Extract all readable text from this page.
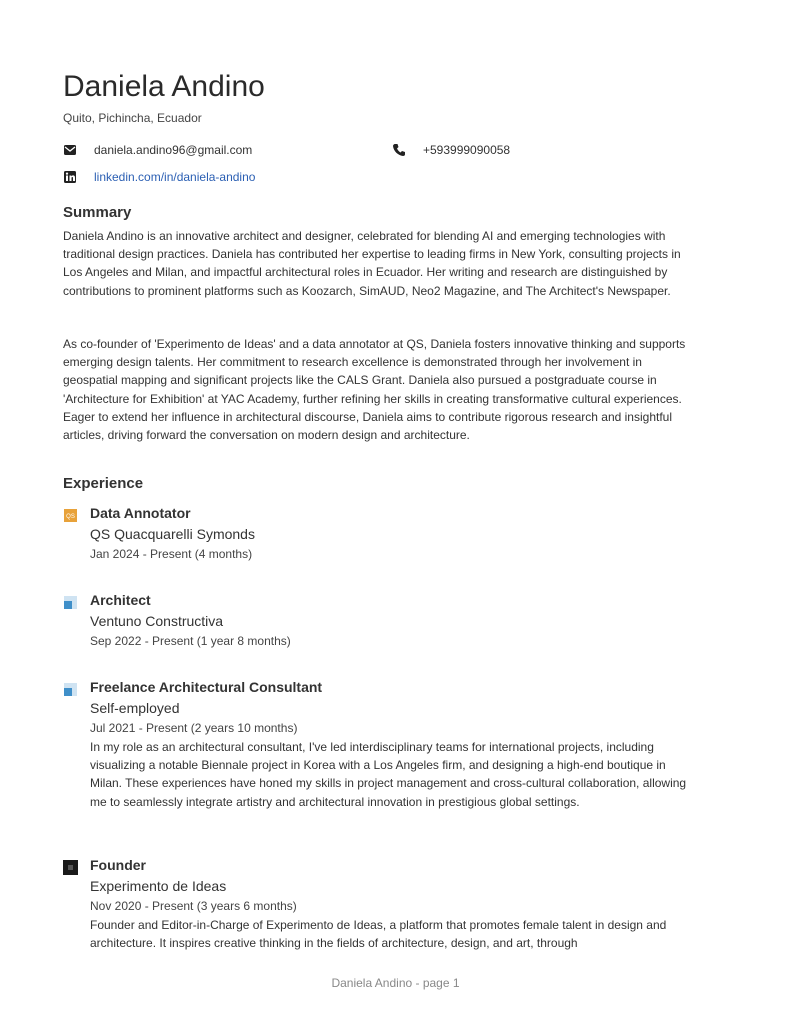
Daniela Andino
Quito, Pichincha, Ecuador
daniela.andino96@gmail.com	+593999090058
linkedin.com/in/daniela-andino
Summary
Daniela Andino is an innovative architect and designer, celebrated for blending AI and emerging technologies with traditional design practices. Daniela has contributed her expertise to leading firms in New York, consulting projects in Los Angeles and Milan, and impactful architectural roles in Ecuador. Her writing and research are distinguished by contributions to prominent platforms such as Koozarch, SimAUD, Neo2 Magazine, and The Architect's Newspaper.
As co-founder of 'Experimento de Ideas' and a data annotator at QS, Daniela fosters innovative thinking and supports emerging design talents. Her commitment to research excellence is demonstrated through her involvement in geospatial mapping and significant projects like the CALS Grant. Daniela also pursued a postgraduate course in 'Architecture for Exhibition' at YAC Academy, further refining her skills in creating transformative cultural experiences. Eager to extend her influence in architectural discourse, Daniela aims to contribute rigorous research and insightful articles, driving forward the conversation on modern design and architecture.
Experience
QS Data Annotator
QS Quacquarelli Symonds
Jan 2024 - Present (4 months)
Architect
Ventuno Constructiva
Sep 2022 - Present (1 year 8 months)
Freelance Architectural Consultant
Self-employed
Jul 2021 - Present (2 years 10 months)
In my role as an architectural consultant, I've led interdisciplinary teams for international projects, including visualizing a notable Biennale project in Korea with a Los Angeles firm, and designing a high-end boutique in Milan. These experiences have honed my skills in project management and cross-cultural collaboration, allowing me to seamlessly integrate artistry and architectural innovation in prestigious global settings.
Founder
Experimento de Ideas
Nov 2020 - Present (3 years 6 months)
Founder and Editor-in-Charge of Experimento de Ideas, a platform that promotes female talent in design and architecture. It inspires creative thinking in the fields of architecture, design, and art, through
Daniela Andino - page 1
